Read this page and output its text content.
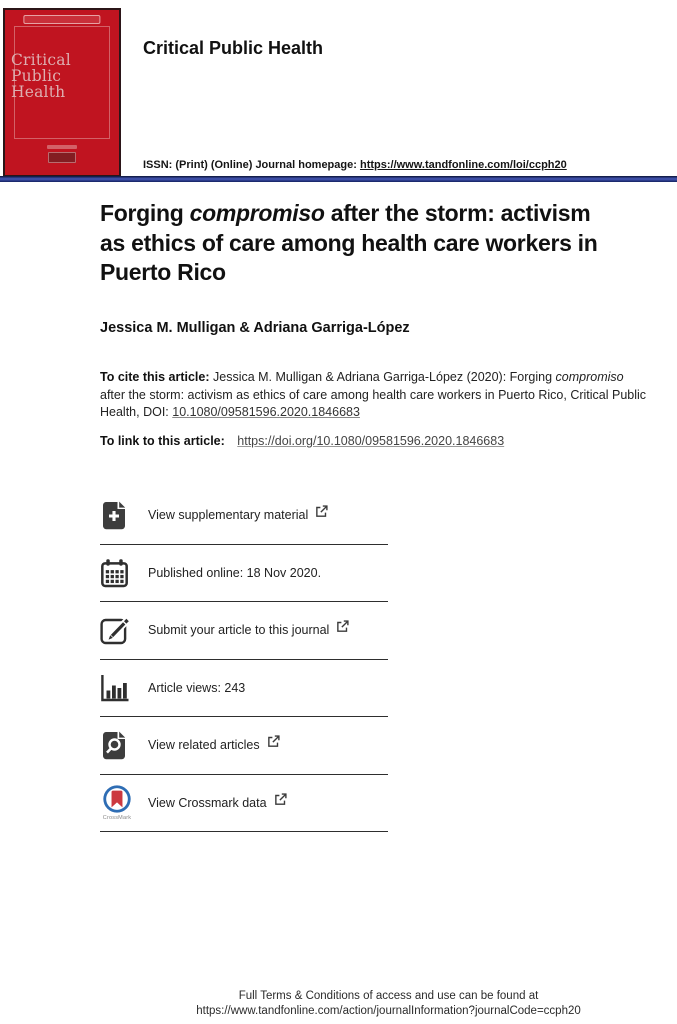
Critical
Public
Health
Critical Public Health
ISSN: (Print) (Online) Journal homepage: https://www.tandfonline.com/loi/ccph20
Forging compromiso after the storm: activism
as ethics of care among health care workers in
Puerto Rico
Jessica M. Mulligan & Adriana Garriga-López
To cite this article: Jessica M. Mulligan & Adriana Garriga-López (2020): Forging compromiso
after the storm: activism as ethics of care among health care workers in Puerto Rico, Critical Public
Health, DOI: 10.1080/09581596.2020.1846683
To link to this article: https://doi.org/10.1080/09581596.2020.1846683
View supplementary material
Published online: 18 Nov 2020.
Submit your article to this journal
Article views: 243
View related articles
CrossMark
View Crossmark data
Full Terms & Conditions of access and use can be found at
https://www.tandfonline.com/action/journalInformation?journalCode=ccph20
